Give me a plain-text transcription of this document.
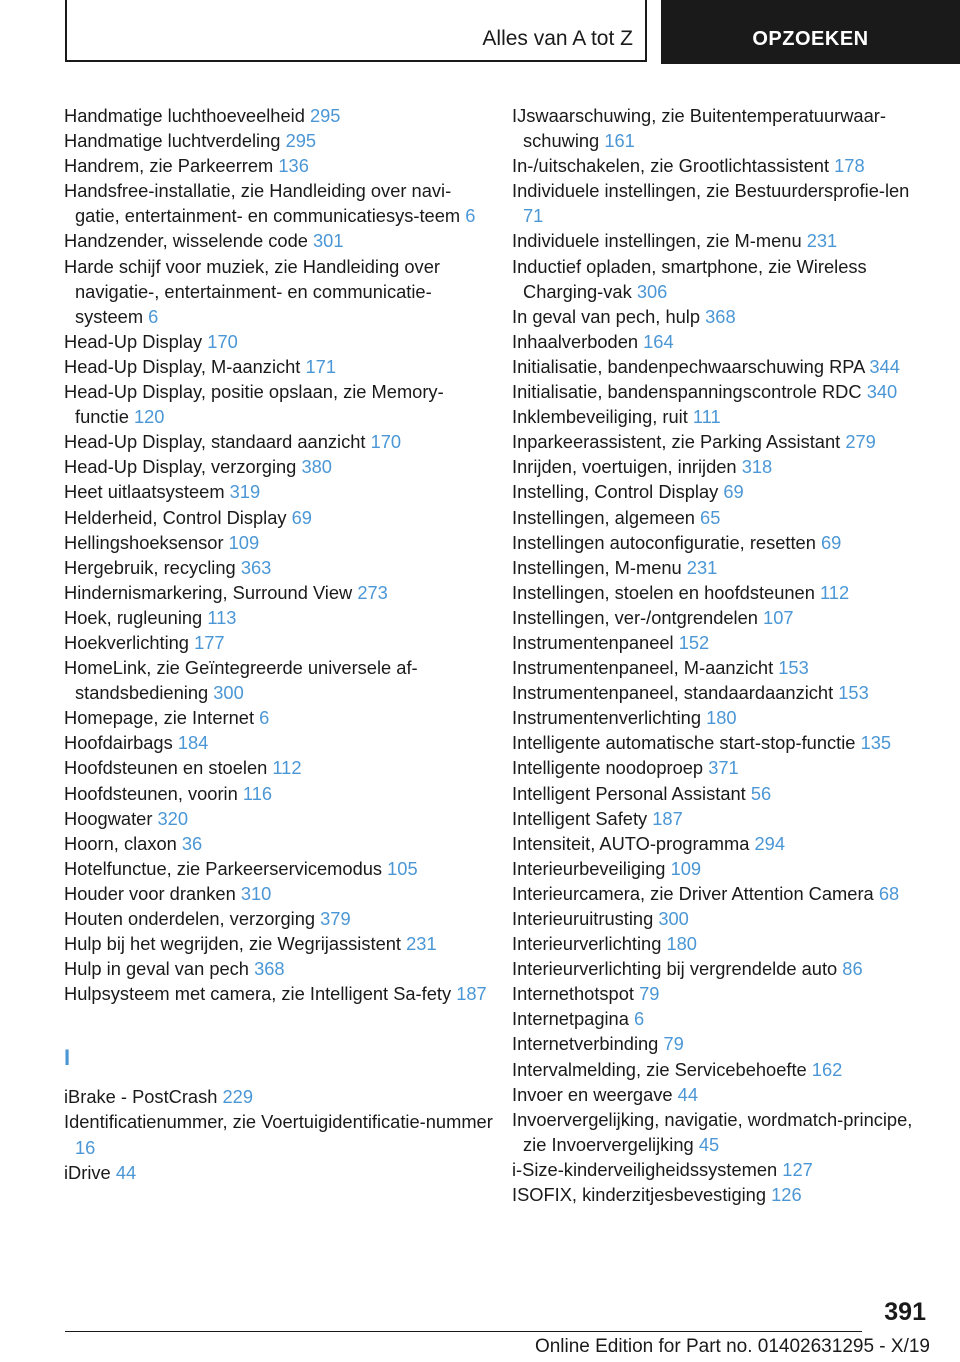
Alles van A tot Z	OPZOEKEN
Handmatige luchthoeveelheid 295
Handmatige luchtverdeling 295
Handrem, zie Parkeerrem 136
Handsfree-installatie, zie Handleiding over navi-gatie, entertainment- en communicatiesys-teem 6
Handzender, wisselende code 301
Harde schijf voor muziek, zie Handleiding over navigatie-, entertainment- en communicatie-systeem 6
Head-Up Display 170
Head-Up Display, M-aanzicht 171
Head-Up Display, positie opslaan, zie Memory-functie 120
Head-Up Display, standaard aanzicht 170
Head-Up Display, verzorging 380
Heet uitlaatsysteem 319
Helderheid, Control Display 69
Hellingshoeksensor 109
Hergebruik, recycling 363
Hindernismarkering, Surround View 273
Hoek, rugleuning 113
Hoekverlichting 177
HomeLink, zie Geïntegreerde universele af-standsbediening 300
Homepage, zie Internet 6
Hoofdairbags 184
Hoofdsteunen en stoelen 112
Hoofdsteunen, voorin 116
Hoogwater 320
Hoorn, claxon 36
Hotelfunctue, zie Parkeerservicemodus 105
Houder voor dranken 310
Houten onderdelen, verzorging 379
Hulp bij het wegrijden, zie Wegrijassistent 231
Hulp in geval van pech 368
Hulpsysteem met camera, zie Intelligent Sa-fety 187
I
iBrake - PostCrash 229
Identificatienummer, zie Voertuigidentificatie-nummer 16
iDrive 44
IJswaarschuwing, zie Buitentemperatuurwaar-schuwing 161
In-/uitschakelen, zie Grootlichtassistent 178
Individuele instellingen, zie Bestuurdersprofie-len 71
Individuele instellingen, zie M-menu 231
Inductief opladen, smartphone, zie Wireless Charging-vak 306
In geval van pech, hulp 368
Inhaalverboden 164
Initialisatie, bandenpechwaarschuwing RPA 344
Initialisatie, bandenspanningscontrole RDC 340
Inklembeveiliging, ruit 111
Inparkeerassistent, zie Parking Assistant 279
Inrijden, voertuigen, inrijden 318
Instelling, Control Display 69
Instellingen, algemeen 65
Instellingen autoconfiguratie, resetten 69
Instellingen, M-menu 231
Instellingen, stoelen en hoofdsteunen 112
Instellingen, ver-/ontgrendelen 107
Instrumentenpaneel 152
Instrumentenpaneel, M-aanzicht 153
Instrumentenpaneel, standaardaanzicht 153
Instrumentenverlichting 180
Intelligente automatische start-stop-functie 135
Intelligente noodoproep 371
Intelligent Personal Assistant 56
Intelligent Safety 187
Intensiteit, AUTO-programma 294
Interieurbeveiliging 109
Interieurcamera, zie Driver Attention Camera 68
Interieuruitrusting 300
Interieurverlichting 180
Interieurverlichting bij vergrendelde auto 86
Internethotspot 79
Internetpagina 6
Internetverbinding 79
Intervalmelding, zie Servicebehoefte 162
Invoer en weergave 44
Invoervergelijking, navigatie, wordmatch-principe, zie Invoervergelijking 45
i-Size-kinderveiligheidssystemen 127
ISOFIX, kinderzitjesbevestiging 126
391
Online Edition for Part no. 01402631295 - X/19
